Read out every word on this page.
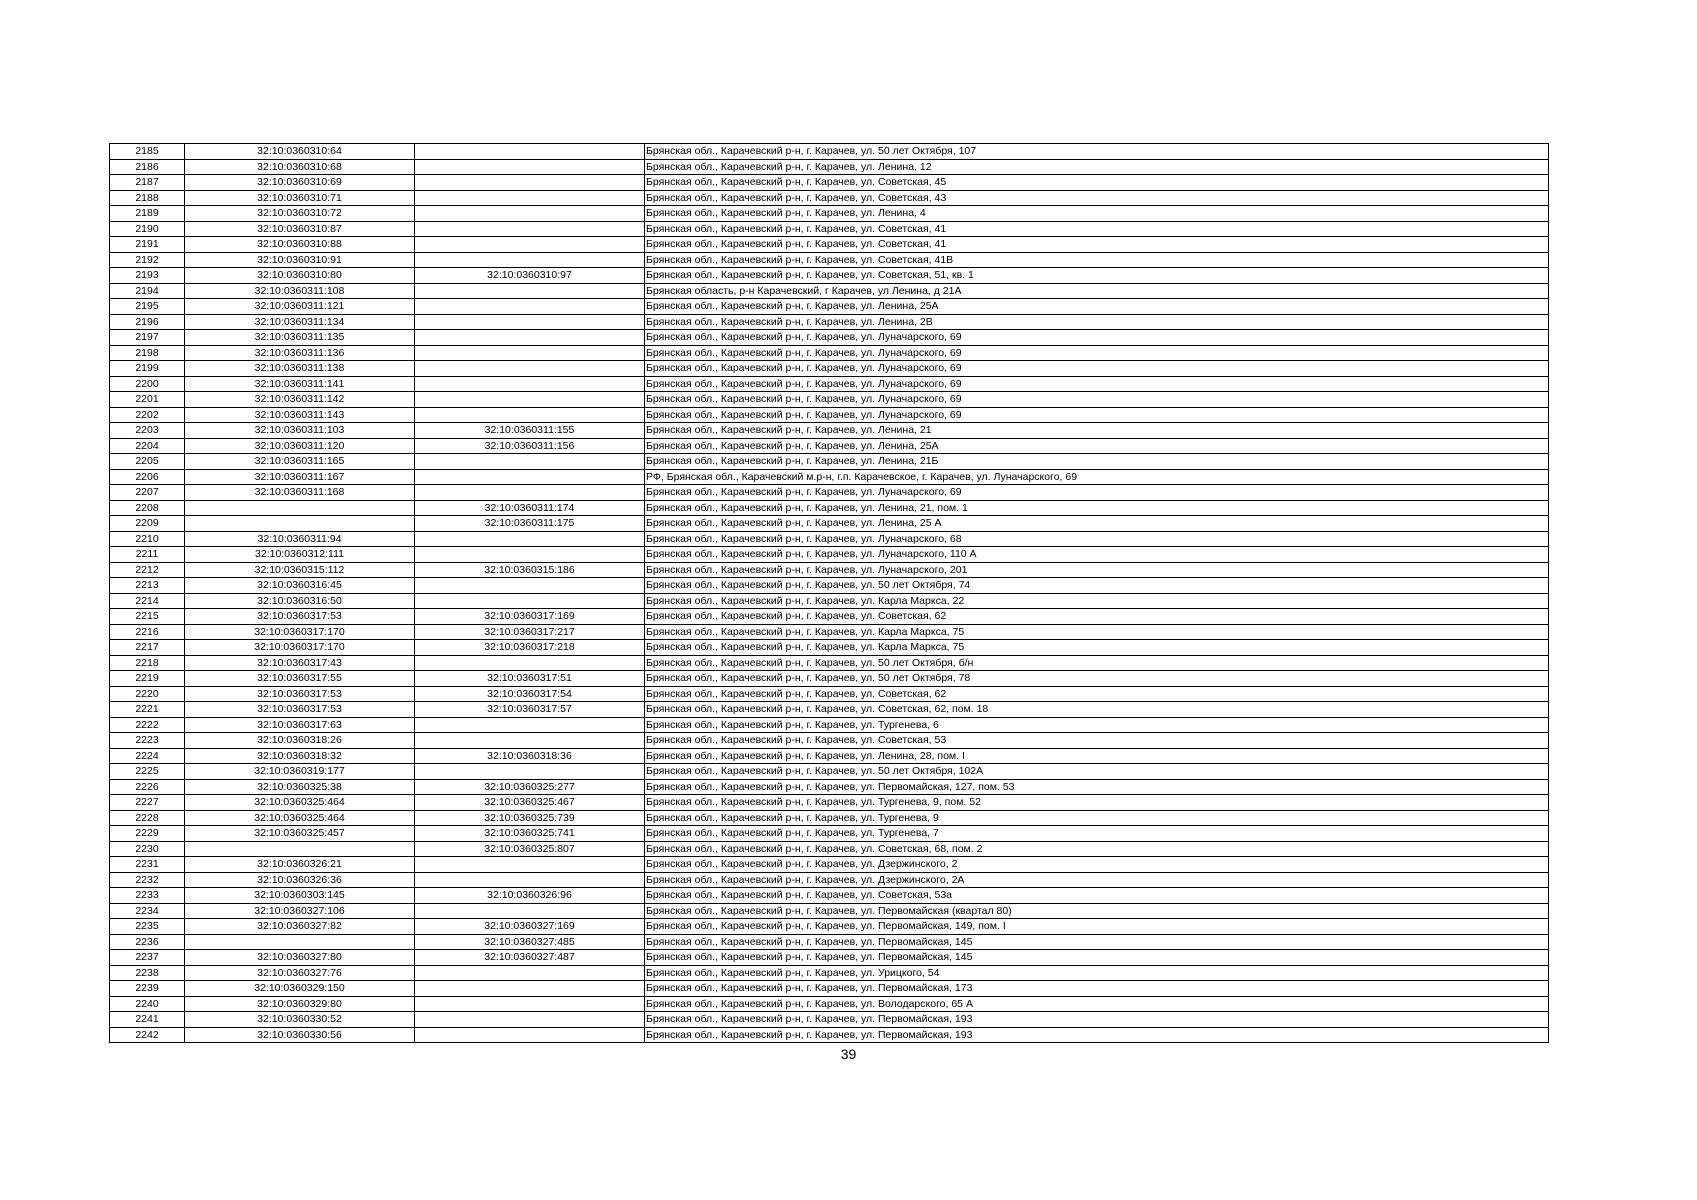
2185	32:10:0360310:64		Брянская обл., Карачевский р-н, г. Карачев, ул. 50 лет Октября, 107
2186	32:10:0360310:68		Брянская обл., Карачевский р-н, г. Карачев, ул. Ленина, 12
2187	32:10:0360310:69		Брянская обл., Карачевский р-н, г. Карачев, ул. Советская, 45
2188	32:10:0360310:71		Брянская обл., Карачевский р-н, г. Карачев, ул. Советская, 43
2189	32:10:0360310:72		Брянская обл., Карачевский р-н, г. Карачев, ул. Ленина, 4
2190	32:10:0360310:87		Брянская обл., Карачевский р-н, г. Карачев, ул. Советская, 41
2191	32:10:0360310:88		Брянская обл., Карачевский р-н, г. Карачев, ул. Советская, 41
2192	32:10:0360310:91		Брянская обл., Карачевский р-н, г. Карачев, ул. Советская, 41В
2193	32:10:0360310:80	32:10:0360310:97	Брянская обл., Карачевский р-н, г. Карачев, ул. Советская, 51, кв. 1
2194	32:10:0360311:108		Брянская область, р-н Карачевский, г Карачев, ул Ленина, д 21А
2195	32:10:0360311:121		Брянская обл., Карачевский р-н, г. Карачев, ул. Ленина, 25А
2196	32:10:0360311:134		Брянская обл., Карачевский р-н, г. Карачев, ул. Ленина, 2В
2197	32:10:0360311:135		Брянская обл., Карачевский р-н, г. Карачев, ул. Луначарского, 69
2198	32:10:0360311:136		Брянская обл., Карачевский р-н, г. Карачев, ул. Луначарского, 69
2199	32:10:0360311:138		Брянская обл., Карачевский р-н, г. Карачев, ул. Луначарского, 69
2200	32:10:0360311:141		Брянская обл., Карачевский р-н, г. Карачев, ул. Луначарского, 69
2201	32:10:0360311:142		Брянская обл., Карачевский р-н, г. Карачев, ул. Луначарского, 69
2202	32:10:0360311:143		Брянская обл., Карачевский р-н, г. Карачев, ул. Луначарского, 69
2203	32:10:0360311:103	32:10:0360311:155	Брянская обл., Карачевский р-н, г. Карачев, ул. Ленина, 21
2204	32:10:0360311:120	32:10:0360311:156	Брянская обл., Карачевский р-н, г. Карачев, ул. Ленина, 25А
2205	32:10:0360311:165		Брянская обл., Карачевский р-н, г. Карачев, ул. Ленина, 21Б
2206	32:10:0360311:167		РФ, Брянская обл., Карачевский м.р-н, г.п. Карачевское, г. Карачев, ул. Луначарского, 69
2207	32:10:0360311:168		Брянская обл., Карачевский р-н, г. Карачев, ул. Луначарского, 69
2208		32:10:0360311:174	Брянская обл., Карачевский р-н, г. Карачев, ул. Ленина, 21, пом. 1
2209		32:10:0360311:175	Брянская обл., Карачевский р-н, г. Карачев, ул. Ленина, 25 А
2210	32:10:0360311:94		Брянская обл., Карачевский р-н, г. Карачев, ул. Луначарского, 68
2211	32:10:0360312:111		Брянская обл., Карачевский р-н, г. Карачев, ул. Луначарского, 110 А
2212	32:10:0360315:112	32:10:0360315:186	Брянская обл., Карачевский р-н, г. Карачев, ул. Луначарского, 201
2213	32:10:0360316:45		Брянская обл., Карачевский р-н, г. Карачев, ул. 50 лет Октября, 74
2214	32:10:0360316:50		Брянская обл., Карачевский р-н, г. Карачев, ул. Карла Маркса, 22
2215	32:10:0360317:53	32:10:0360317:169	Брянская обл., Карачевский р-н, г. Карачев, ул. Советская, 62
2216	32:10:0360317:170	32:10:0360317:217	Брянская обл., Карачевский р-н, г. Карачев, ул. Карла Маркса, 75
2217	32:10:0360317:170	32:10:0360317:218	Брянская обл., Карачевский р-н, г. Карачев, ул. Карла Маркса, 75
2218	32:10:0360317:43		Брянская обл., Карачевский р-н, г. Карачев, ул. 50 лет Октября, б/н
2219	32:10:0360317:55	32:10:0360317:51	Брянская обл., Карачевский р-н, г. Карачев, ул. 50 лет Октября, 78
2220	32:10:0360317:53	32:10:0360317:54	Брянская обл., Карачевский р-н, г. Карачев, ул. Советская, 62
2221	32:10:0360317:53	32:10:0360317:57	Брянская обл., Карачевский р-н, г. Карачев, ул. Советская, 62, пом. 18
2222	32:10:0360317:63		Брянская обл., Карачевский р-н, г. Карачев, ул. Тургенева, 6
2223	32:10:0360318:26		Брянская обл., Карачевский р-н, г. Карачев, ул. Советская, 53
2224	32:10:0360318:32	32:10:0360318:36	Брянская обл., Карачевский р-н, г. Карачев, ул. Ленина, 28, пом. I
2225	32:10:0360319:177		Брянская обл., Карачевский р-н, г. Карачев, ул. 50 лет Октября, 102А
2226	32:10:0360325:38	32:10:0360325:277	Брянская обл., Карачевский р-н, г. Карачев, ул. Первомайская, 127, пом. 53
2227	32:10:0360325:464	32:10:0360325:467	Брянская обл., Карачевский р-н, г. Карачев, ул. Тургенева, 9, пом. 52
2228	32:10:0360325:464	32:10:0360325:739	Брянская обл., Карачевский р-н, г. Карачев, ул. Тургенева, 9
2229	32:10:0360325:457	32:10:0360325:741	Брянская обл., Карачевский р-н, г. Карачев, ул. Тургенева, 7
2230		32:10:0360325:807	Брянская обл., Карачевский р-н, г. Карачев, ул. Советская, 68, пом. 2
2231	32:10:0360326:21		Брянская обл., Карачевский р-н, г. Карачев, ул. Дзержинского, 2
2232	32:10:0360326:36		Брянская обл., Карачевский р-н, г. Карачев, ул. Дзержинского, 2А
2233	32:10:0360303:145	32:10:0360326:96	Брянская обл., Карачевский р-н, г. Карачев, ул. Советская, 53а
2234	32:10:0360327:106		Брянская обл., Карачевский р-н, г. Карачев, ул. Первомайская (квартал 80)
2235	32:10:0360327:82	32:10:0360327:169	Брянская обл., Карачевский р-н, г. Карачев, ул. Первомайская, 149, пом. I
2236		32:10:0360327:485	Брянская обл., Карачевский р-н, г. Карачев, ул. Первомайская, 145
2237	32:10:0360327:80	32:10:0360327:487	Брянская обл., Карачевский р-н, г. Карачев, ул. Первомайская, 145
2238	32:10:0360327:76		Брянская обл., Карачевский р-н, г. Карачев, ул. Урицкого, 54
2239	32:10:0360329:150		Брянская обл., Карачевский р-н, г. Карачев, ул. Первомайская, 173
2240	32:10:0360329:80		Брянская обл., Карачевский р-н, г. Карачев, ул. Володарского, 65 А
2241	32:10:0360330:52		Брянская обл., Карачевский р-н, г. Карачев, ул. Первомайская, 193
2242	32:10:0360330:56		Брянская обл., Карачевский р-н, г. Карачев, ул. Первомайская, 193
39
